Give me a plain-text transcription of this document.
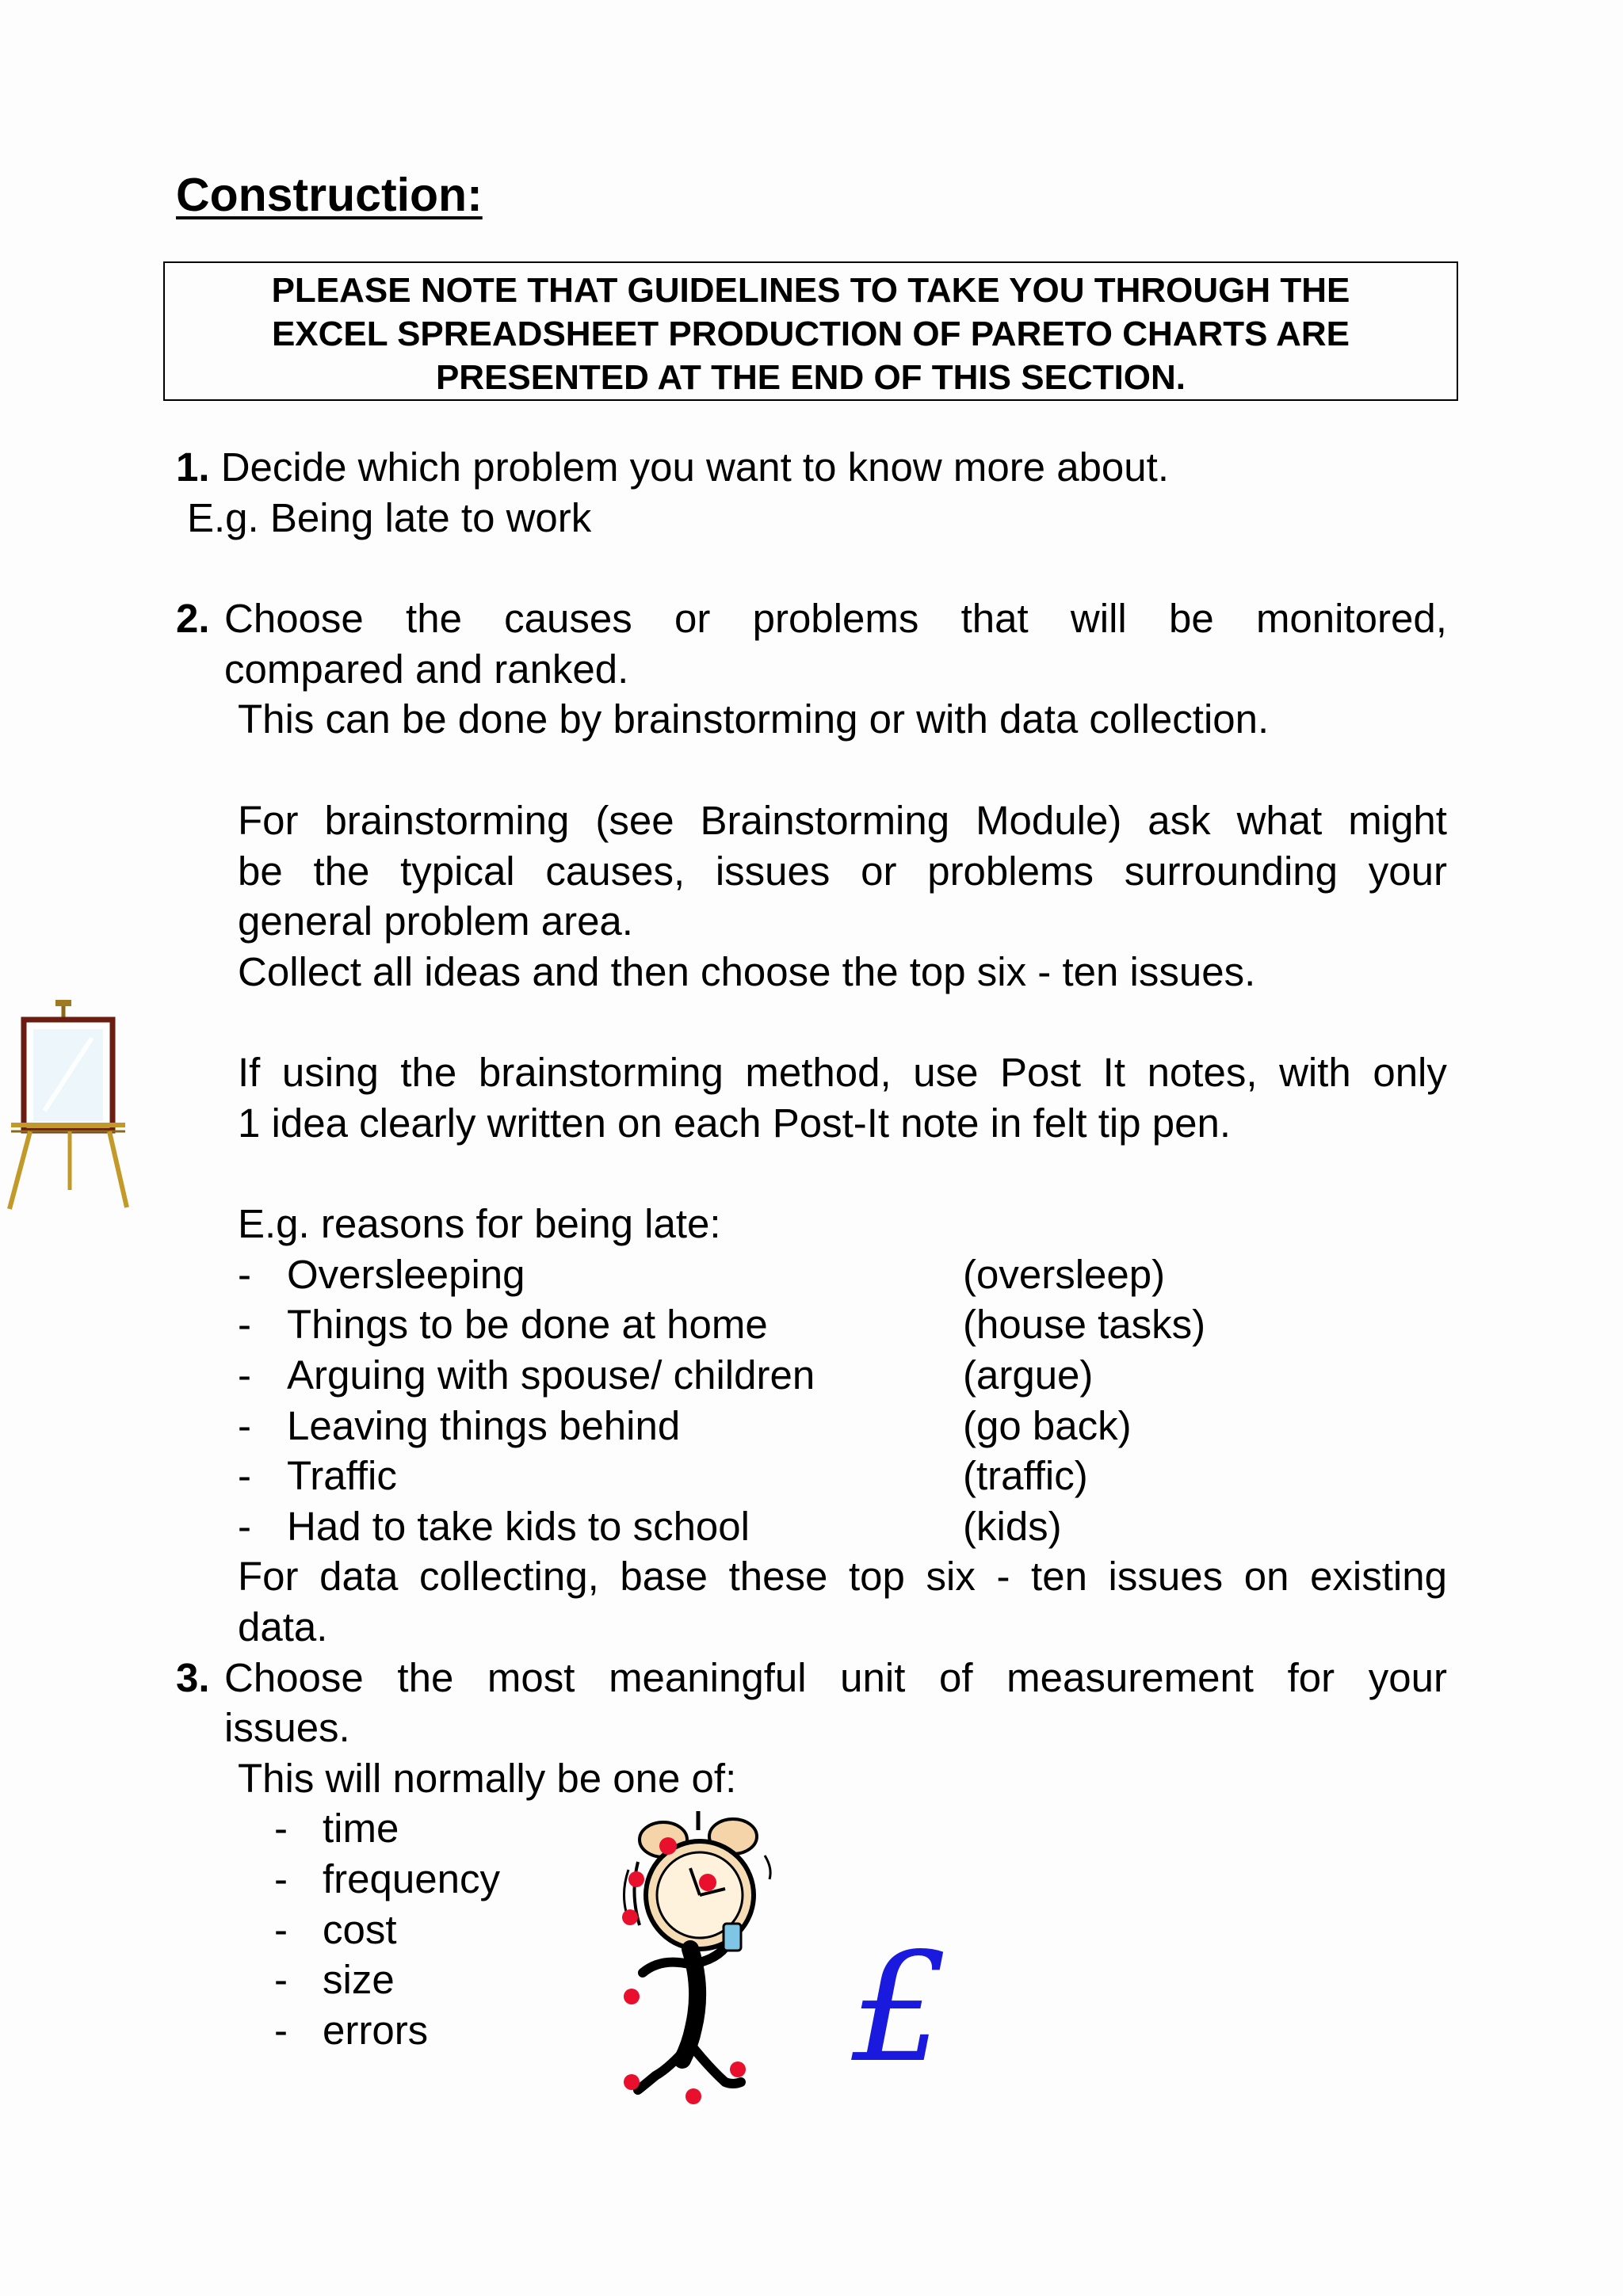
Construction:
PLEASE NOTE THAT GUIDELINES TO TAKE YOU THROUGH THE
EXCEL SPREADSHEET PRODUCTION OF PARETO CHARTS ARE
PRESENTED AT THE END OF THIS SECTION.
1. Decide which problem you want to know more about.
E.g. Being late to work
2. Choose the causes or problems that will be monitored,
compared and ranked.
This can be done by brainstorming or with data collection.
For brainstorming (see Brainstorming Module) ask what might
be the typical causes, issues or problems surrounding your
general problem area.
Collect all ideas and then choose the top six - ten issues.
If using the brainstorming method, use Post It notes, with only
1 idea clearly written on each Post-It note in felt tip pen.
E.g. reasons for being late:
- Oversleeping	(oversleep)
- Things to be done at home	(house tasks)
- Arguing with spouse/ children	(argue)
- Leaving things behind	(go back)
- Traffic	(traffic)
- Had to take kids to school	(kids)
For data collecting, base these top six - ten issues on existing
data.
3. Choose the most meaningful unit of measurement for your
issues.
This will normally be one of:
- time
- frequency
- cost
- size
- errors	£
